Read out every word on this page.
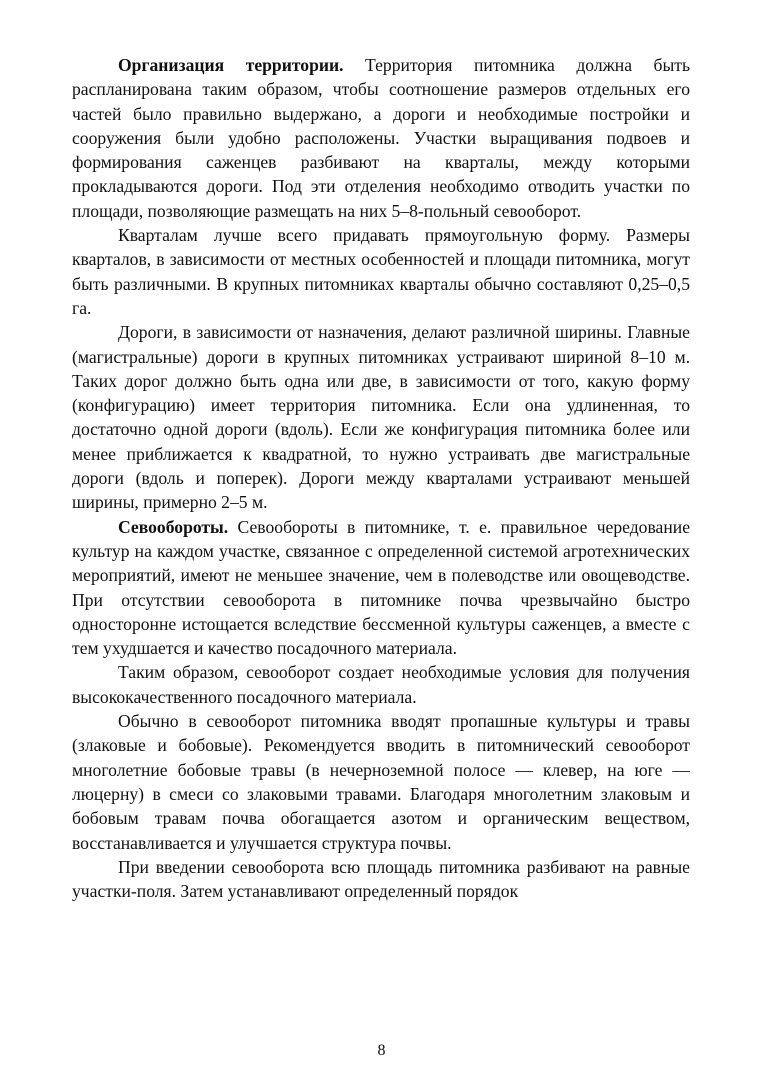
Организация территории. Территория питомника должна быть распланирована таким образом, чтобы соотношение размеров отдельных его частей было правильно выдержано, а дороги и необходимые постройки и сооружения были удобно расположены. Участки выращивания подвоев и формирования саженцев разбивают на кварталы, между которыми прокладываются дороги. Под эти отделения необходимо отводить участки по площади, позволяющие размещать на них 5–8-польный севооборот.

Кварталам лучше всего придавать прямоугольную форму. Размеры кварталов, в зависимости от местных особенностей и площади питомника, могут быть различными. В крупных питомниках кварталы обычно составляют 0,25–0,5 га.

Дороги, в зависимости от назначения, делают различной ширины. Главные (магистральные) дороги в крупных питомниках устраивают шириной 8–10 м. Таких дорог должно быть одна или две, в зависимости от того, какую форму (конфигурацию) имеет территория питомника. Если она удлиненная, то достаточно одной дороги (вдоль). Если же конфигурация питомника более или менее приближается к квадратной, то нужно устраивать две магистральные дороги (вдоль и поперек). Дороги между кварталами устраивают меньшей ширины, примерно 2–5 м.

Севообороты. Севообороты в питомнике, т. е. правильное чередование культур на каждом участке, связанное с определенной системой агротехнических мероприятий, имеют не меньшее значение, чем в полеводстве или овощеводстве. При отсутствии севооборота в питомнике почва чрезвычайно быстро односторонне истощается вследствие бессменной культуры саженцев, а вместе с тем ухудшается и качество посадочного материала.

Таким образом, севооборот создает необходимые условия для получения высококачественного посадочного материала.

Обычно в севооборот питомника вводят пропашные культуры и травы (злаковые и бобовые). Рекомендуется вводить в питомнический севооборот многолетние бобовые травы (в нечерноземной полосе — клевер, на юге — люцерну) в смеси со злаковыми травами. Благодаря многолетним злаковым и бобовым травам почва обогащается азотом и органическим веществом, восстанавливается и улучшается структура почвы.

При введении севооборота всю площадь питомника разбивают на равные участки-поля. Затем устанавливают определенный порядок

8
